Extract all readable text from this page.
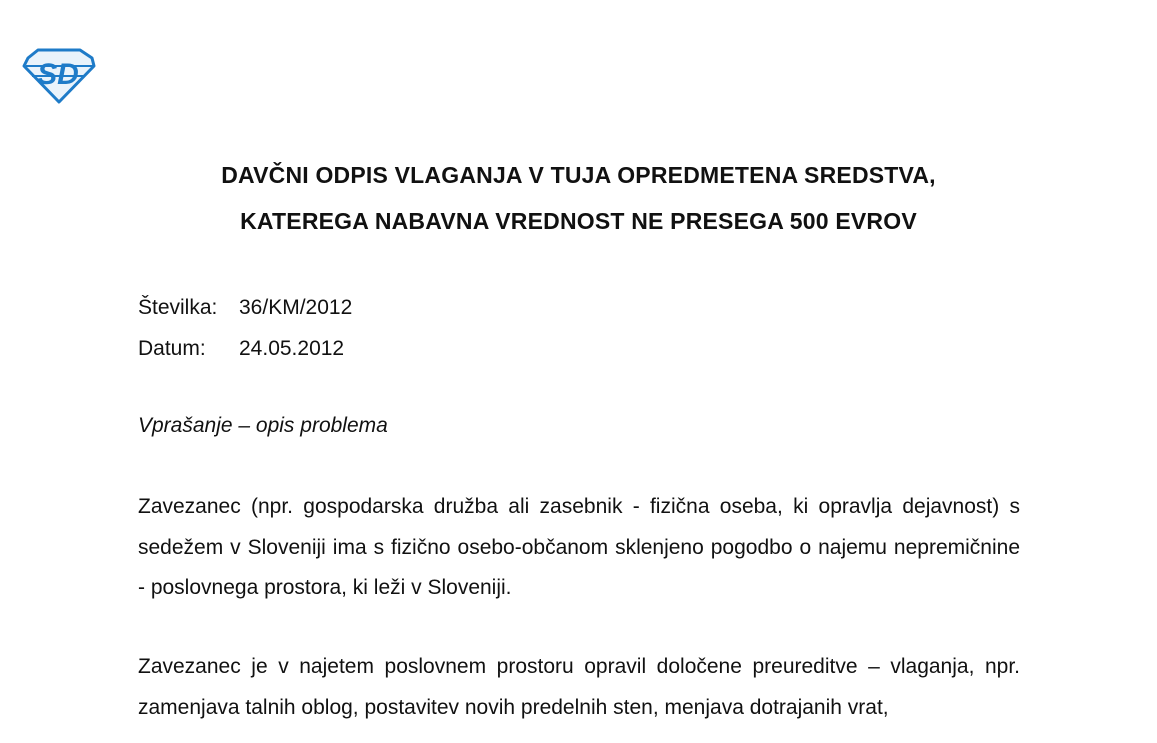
SD
DAVČNI ODPIS VLAGANJA V TUJA OPREDMETENA SREDSTVA,
KATEREGA NABAVNA VREDNOST NE PRESEGA 500 EVROV
Številka:	36/KM/2012
Datum:	24.05.2012
Vprašanje – opis problema
Zavezanec (npr. gospodarska družba ali zasebnik - fizična oseba, ki opravlja dejavnost) s sedežem v Sloveniji ima s fizično osebo-občanom sklenjeno pogodbo o najemu nepremičnine - poslovnega prostora, ki leži v Sloveniji.
Zavezanec je v najetem poslovnem prostoru opravil določene preureditve – vlaganja, npr. zamenjava talnih oblog, postavitev novih predelnih sten, menjava dotrajanih vrat,
